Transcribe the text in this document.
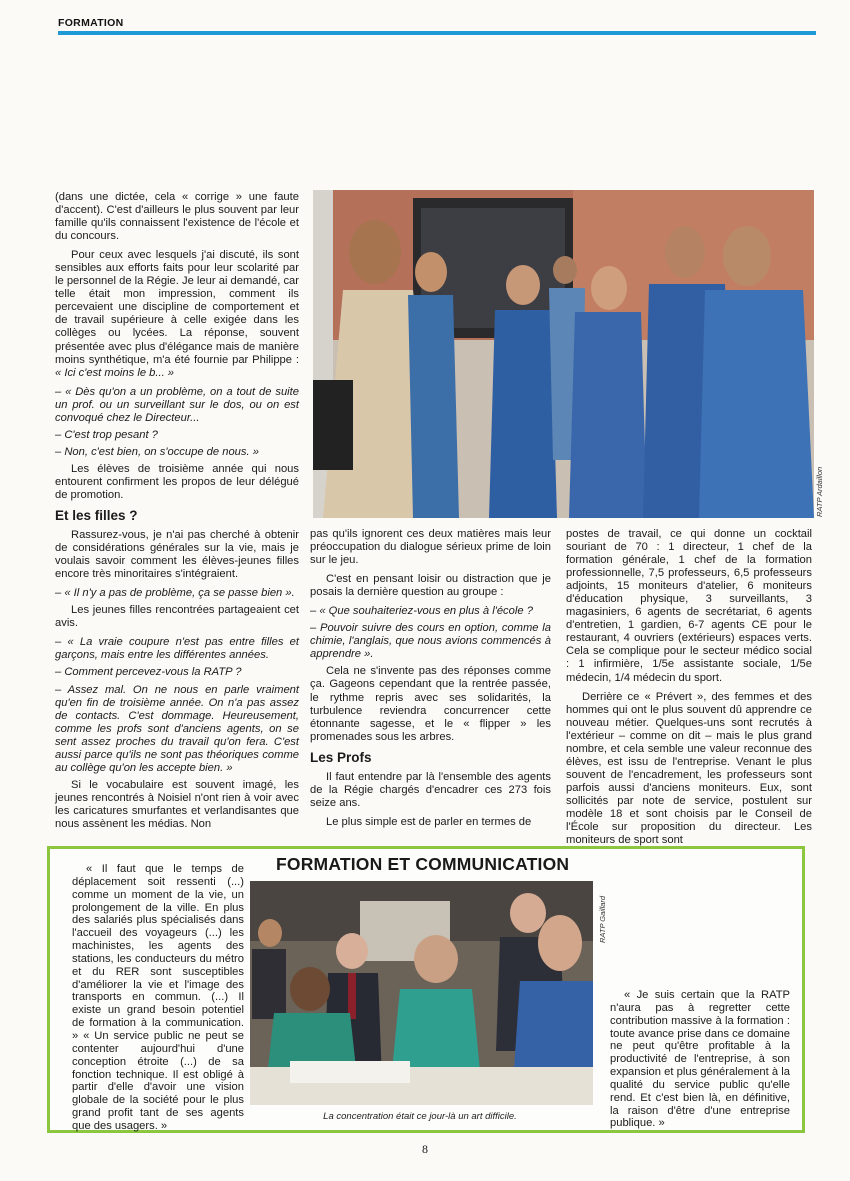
FORMATION

(dans une dictée, cela « corrige » une faute d'accent). C'est d'ailleurs le plus souvent par leur famille qu'ils connaissent l'existence de l'école et du concours.

Pour ceux avec lesquels j'ai discuté, ils sont sensibles aux efforts faits pour leur scolarité par le personnel de la Régie. Je leur ai demandé, car telle était mon impression, comment ils percevaient une discipline de comportement et de travail supérieure à celle exigée dans les collèges ou lycées. La réponse, souvent présentée avec plus d'élégance mais de manière moins synthétique, m'a été fournie par Philippe : « Ici c'est moins le b... »

– « Dès qu'on a un problème, on a tout de suite un prof. ou un surveillant sur le dos, ou on est convoqué chez le Directeur...

– C'est trop pesant ?

– Non, c'est bien, on s'occupe de nous. »

Les élèves de troisième année qui nous entourent confirment les propos de leur délégué de promotion.

Et les filles ?

Rassurez-vous, je n'ai pas cherché à obtenir de considérations générales sur la vie, mais je voulais savoir comment les élèves-jeunes filles encore très minoritaires s'intégraient.

– « Il n'y a pas de problème, ça se passe bien ».

Les jeunes filles rencontrées partageaient cet avis.

– « La vraie coupure n'est pas entre filles et garçons, mais entre les différentes années.

– Comment percevez-vous la RATP ?

– Assez mal. On ne nous en parle vraiment qu'en fin de troisième année. On n'a pas assez de contacts. C'est dommage. Heureusement, comme les profs sont d'anciens agents, on se sent assez proches du travail qu'on fera. C'est aussi parce qu'ils ne sont pas théoriques comme au collège qu'on les accepte bien. »

Si le vocabulaire est souvent imagé, les jeunes rencontrés à Noisiel n'ont rien à voir avec les caricatures smurfantes et verlandisantes que nous assènent les médias. Non

RATP Ardaillon

pas qu'ils ignorent ces deux matières mais leur préoccupation du dialogue sérieux prime de loin sur le jeu.

C'est en pensant loisir ou distraction que je posais la dernière question au groupe :

– « Que souhaiteriez-vous en plus à l'école ?

– Pouvoir suivre des cours en option, comme la chimie, l'anglais, que nous avions commencés à apprendre ».

Cela ne s'invente pas des réponses comme ça. Gageons cependant que la rentrée passée, le rythme repris avec ses solidarités, la turbulence reviendra concurrencer cette étonnante sagesse, et le « flipper » les promenades sous les arbres.

Les Profs

Il faut entendre par là l'ensemble des agents de la Régie chargés d'encadrer ces 273 fois seize ans.

Le plus simple est de parler en termes de

postes de travail, ce qui donne un cocktail souriant de 70 : 1 directeur, 1 chef de la formation générale, 1 chef de la formation professionnelle, 7,5 professeurs, 6,5 professeurs adjoints, 15 moniteurs d'atelier, 6 moniteurs d'éducation physique, 3 surveillants, 3 magasiniers, 6 agents de secrétariat, 6 agents d'entretien, 1 gardien, 6-7 agents CE pour le restaurant, 4 ouvriers (extérieurs) espaces verts. Cela se complique pour le secteur médico social : 1 infirmière, 1/5e assistante sociale, 1/5e médecin, 1/4 médecin du sport.

Derrière ce « Prévert », des femmes et des hommes qui ont le plus souvent dû apprendre ce nouveau métier. Quelques-uns sont recrutés à l'extérieur – comme on dit – mais le plus grand nombre, et cela semble une valeur reconnue des élèves, est issu de l'entreprise. Venant le plus souvent de l'encadrement, les professeurs sont parfois aussi d'anciens moniteurs. Eux, sont sollicités par note de service, postulent sur modèle 18 et sont choisis par le Conseil de l'École sur proposition du directeur. Les moniteurs de sport sont

FORMATION ET COMMUNICATION
« Il faut que le temps de déplacement soit ressenti (...) comme un moment de la vie, un prolongement de la ville. En plus des salariés plus spécialisés dans l'accueil des voyageurs (...) les machinistes, les agents des stations, les conducteurs du métro et du RER sont susceptibles d'améliorer la vie et l'image des transports en commun. (...) Il existe un grand besoin potentiel de formation à la communication. » « Un service public ne peut se contenter aujourd'hui d'une conception étroite (...) de sa fonction technique. Il est obligé à partir d'elle d'avoir une vision globale de la société pour le plus grand profit tant de ses agents que des usagers. »
RATP Gaillard
« Je suis certain que la RATP n'aura pas à regretter cette contribution massive à la formation : toute avance prise dans ce domaine ne peut qu'être profitable à la productivité de l'entreprise, à son expansion et plus généralement à la qualité du service public qu'elle rend. Et c'est bien là, en définitive, la raison d'être d'une entreprise publique. »
La concentration était ce jour-là un art difficile.
8
